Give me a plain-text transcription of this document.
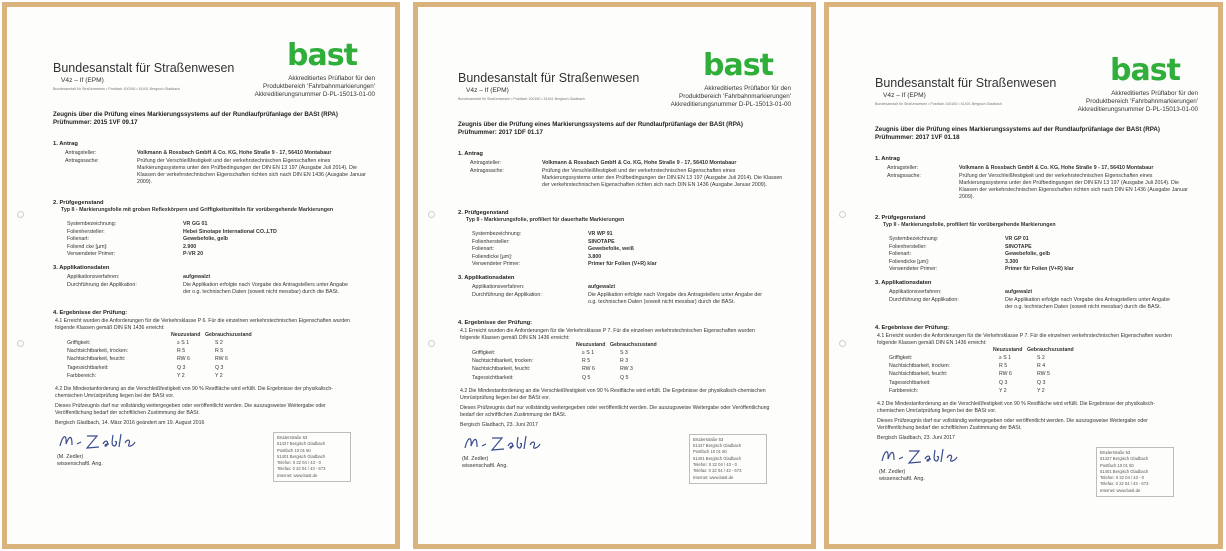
bast
Bundesanstalt für Straßenwesen
V4z – If (EPM)	Akkreditiertes Prüflabor für den
Produktbereich 'Fahrbahnmarkierungen'
Akkreditierungsnummer D-PL-15013-01-00
Bundesanstalt für Straßenwesen • Postfach 100150 • 51401 Bergisch Gladbach
Zeugnis über die Prüfung eines Markierungssystems auf der Rundlaufprüfanlage der BASt (RPA)
Prüfnummer: 2015 1VF 09.17
1. Antrag
Antragsteller:	Volkmann & Rossbach GmbH & Co. KG, Hohe Straße 9 - 17, 56410 Montabaur
Antragssache:	Prüfung der Verschleißfestigkeit und der verkehrstechnischen Eigenschaften eines Markierungssystems unter den Prüfbedingungen der DIN EN 13 197 (Ausgabe Juli 2014). Die Klassen der verkehrstechnischen Eigenschaften richten sich nach DIN EN 1436 (Ausgabe Januar 2009).
2. Prüfgegenstand
Typ II - Markierungsfolie mit groben Reflexkörpern und Griffigkeitsmitteln für vorübergehende Markierungen
Systembezeichnung:	VR GG 01
Folienhersteller:	Hebei Sinotape International CO.,LTD
Folienart:	Gewebefolie, gelb
Foliend cke [µm]:	2.900
Verwendeter Primer:	P-VR 20
3. Applikationsdaten
Applikationsverfahren:	aufgewalzt
Durchführung der Applikation:	Die Applikation erfolgte nach Vorgabe des Antragstellers unter Angabe der o.g. technischen Daten (soweit nicht messbar) durch die BASt.
4. Ergebnisse der Prüfung:
4.1 Erreicht wurden die Anforderungen für die Verkehrsklasse P 6. Für die einzelnen verkehrstechnischen Eigenschaften wurden folgende Klassen gemäß DIN EN 1436 erreicht:
Neuzustand Gebrauchszustand
Griffigkeit:	≥ S 1	S 2
Nachtsichtbarkeit, trocken:	R 5	R 5
Nachtsichtbarkeit, feucht:	RW 6	RW 6
Tagessichtbarkeit:	Q 3	Q 3
Farbbereich:	Y 2	Y 2
4.2 Die Mindestanforderung an die Verschleißfestigkeit von 90 % Restfläche wird erfüllt. Die Ergebnisse der physikalisch-chemischen Umrüstprüfung liegen bei der BASt vor.
Dieses Prüfzeugnis darf nur vollständig weitergegeben oder veröffentlicht werden. Die auszugsweise Weitergabe oder Veröffentlichung bedarf der schriftlichen Zustimmung der BASt.
Bergisch Gladbach, 14. März 2016 geändert am 19. August 2016
(M. Zedler)
wissenschaftl. Ang.
Brüderstraße 53
51427 Bergisch Gladbach
Postfach 10 01 50
51401 Bergisch Gladbach
Telefon: 0 22 04 / 43 - 0
Telefax: 0 22 04 / 43 - 673
Internet: www.bast.de
bast
Bundesanstalt für Straßenwesen
V4z – If (EPM)	Akkreditiertes Prüflabor für den
Produktbereich 'Fahrbahnmarkierungen'
Akkreditierungsnummer D-PL-15013-01-00
Bundesanstalt für Straßenwesen • Postfach 100150 • 51401 Bergisch Gladbach
Zeugnis über die Prüfung eines Markierungssystems auf der Rundlaufprüfanlage der BASt (RPA)
Prüfnummer: 2017 1DF 01.17
1. Antrag
Antragsteller:	Volkmann & Rossbach GmbH & Co. KG, Hohe Straße 9 - 17, 56410 Montabaur
Antragssache:	Prüfung der Verschleißfestigkeit und der verkehrstechnischen Eigenschaften eines Markierungssystems unter den Prüfbedingungen der DIN EN 13 197 (Ausgabe Juli 2014). Die Klassen der verkehrstechnischen Eigenschaften richten sich nach DIN EN 1436 (Ausgabe Januar 2009).
2. Prüfgegenstand
Typ II - Markierungsfolie, profiliert für dauerhafte Markierungen
Systembezeichnung:	VR WP 91
Folienhersteller:	SINOTAPE
Folienart:	Gewebefolie, weiß
Foliendicke [µm]:	3.800
Verwendeter Primer:	Primer für Folien (V+R) klar
3. Applikationsdaten
Applikationsverfahren:	aufgewalzt
Durchführung der Applikation:	Die Applikation erfolgte nach Vorgabe des Antragstellers unter Angabe der o.g. technischen Daten (soweit nicht messbar) durch die BASt.
4. Ergebnisse der Prüfung:
4.1 Erreicht wurden die Anforderungen für die Verkehrsklasse P 7. Für die einzelnen verkehrstechnischen Eigenschaften wurden folgende Klassen gemäß DIN EN 1436 erreicht:
Neuzustand Gebrauchszustand
Griffigkeit:	≥ S 1	S 3
Nachtsichtbarkeit, trocken:	R 5	R 3
Nachtsichtbarkeit, feucht:	RW 6	RW 3
Tagessichtbarkeit:	Q 5	Q 5
4.2 Die Mindestanforderung an die Verschleißfestigkeit von 90 % Restfläche wird erfüllt. Die Ergebnisse der physikalisch-chemischen Umrüstprüfung liegen bei der BASt vor.
Dieses Prüfzeugnis darf nur vollständig weitergegeben oder veröffentlicht werden. Die auszugsweise Weitergabe oder Veröffentlichung bedarf der schriftlichen Zustimmung der BASt.
Bergisch Gladbach, 23. Juni 2017
(M. Zedler)
wissenschaftl. Ang.
Brüderstraße 53
51427 Bergisch Gladbach
Postfach 10 01 50
51401 Bergisch Gladbach
Telefon: 0 22 04 / 43 - 0
Telefax: 0 22 04 / 43 - 673
Internet: www.bast.de
bast
Bundesanstalt für Straßenwesen
V4z – If (EPM)	Akkreditiertes Prüflabor für den
Produktbereich 'Fahrbahnmarkierungen'
Akkreditierungsnummer D-PL-15013-01-00
Bundesanstalt für Straßenwesen • Postfach 100150 • 51401 Bergisch Gladbach
Zeugnis über die Prüfung eines Markierungssystems auf der Rundlaufprüfanlage der BASt (RPA)
Prüfnummer: 2017 1VF 01.18
1. Antrag
Antragsteller:	Volkmann & Rossbach GmbH & Co. KG, Hohe Straße 9 - 17, 56410 Montabaur
Antragssache:	Prüfung der Verschleißfestigkeit und der verkehrstechnischen Eigenschaften eines Markierungssystems unter den Prüfbedingungen der DIN EN 13 197 (Ausgabe Juli 2014). Die Klassen der verkehrstechnischen Eigenschaften richten sich nach DIN EN 1436 (Ausgabe Januar 2009).
2. Prüfgegenstand
Typ II - Markierungsfolie, profiliert für vorübergehende Markierungen
Systembezeichnung:	VR GP 01
Folienhersteller:	SINOTAPE
Folienart:	Gewebefolie, gelb
Foliendicke [µm]:	3.300
Verwendeter Primer:	Primer für Folien (V+R) klar
3. Applikationsdaten
Applikationsverfahren:	aufgewalzt
Durchführung der Applikation:	Die Applikation erfolgte nach Vorgabe des Antragstellers unter Angabe der o.g. technischen Daten (soweit nicht messbar) durch die BASt.
4. Ergebnisse der Prüfung:
4.1 Erreicht wurden die Anforderungen für die Verkehrsklasse P 7. Für die einzelnen verkehrstechnischen Eigenschaften wurden folgende Klassen gemäß DIN EN 1436 erreicht:
Neuzustand Gebrauchszustand
Griffigkeit:	≥ S 1	S 2
Nachtsichtbarkeit, trocken:	R 5	R 4
Nachtsichtbarkeit, feucht:	RW 6	RW 5
Tagessichtbarkeit:	Q 3	Q 3
Farbbereich:	Y 2	Y 2
4.2 Die Mindestanforderung an die Verschleißfestigkeit von 90 % Restfläche wird erfüllt. Die Ergebnisse der physikalisch-chemischen Umrüstprüfung liegen bei der BASt vor.
Dieses Prüfzeugnis darf nur vollständig weitergegeben oder veröffentlicht werden. Die auszugsweise Weitergabe oder Veröffentlichung bedarf der schriftlichen Zustimmung der BASt.
Bergisch Gladbach, 23. Juni 2017
(M. Zedler)
wissenschaftl. Ang.
Brüderstraße 53
51427 Bergisch Gladbach
Postfach 10 01 50
51401 Bergisch Gladbach
Telefon: 0 22 04 / 43 - 0
Telefax: 0 22 04 / 43 - 673
Internet: www.bast.de
